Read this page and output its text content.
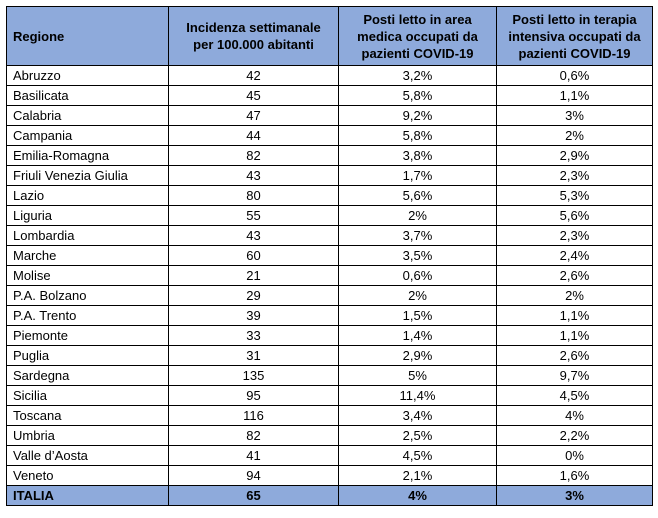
Regione	Incidenza settimanale per 100.000 abitanti	Posti letto in area medica occupati da pazienti COVID-19	Posti letto in terapia intensiva occupati da pazienti COVID-19
Abruzzo	42	3,2%	0,6%
Basilicata	45	5,8%	1,1%
Calabria	47	9,2%	3%
Campania	44	5,8%	2%
Emilia-Romagna	82	3,8%	2,9%
Friuli Venezia Giulia	43	1,7%	2,3%
Lazio	80	5,6%	5,3%
Liguria	55	2%	5,6%
Lombardia	43	3,7%	2,3%
Marche	60	3,5%	2,4%
Molise	21	0,6%	2,6%
P.A. Bolzano	29	2%	2%
P.A. Trento	39	1,5%	1,1%
Piemonte	33	1,4%	1,1%
Puglia	31	2,9%	2,6%
Sardegna	135	5%	9,7%
Sicilia	95	11,4%	4,5%
Toscana	116	3,4%	4%
Umbria	82	2,5%	2,2%
Valle d’Aosta	41	4,5%	0%
Veneto	94	2,1%	1,6%
ITALIA	65	4%	3%
